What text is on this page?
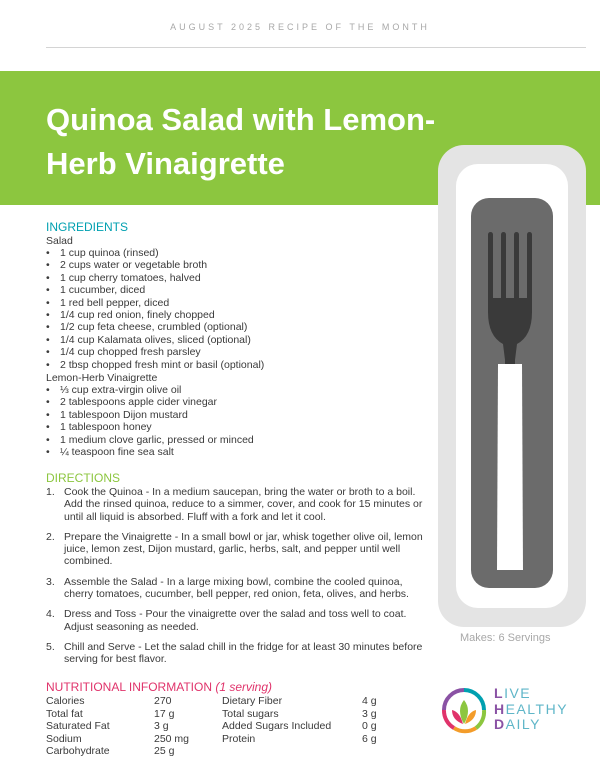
AUGUST 2025 RECIPE OF THE MONTH
Quinoa Salad with Lemon-
Herb Vinaigrette
INGREDIENTS
Salad
• 1 cup quinoa (rinsed)
• 2 cups water or vegetable broth
• 1 cup cherry tomatoes, halved
• 1 cucumber, diced
• 1 red bell pepper, diced
• 1/4 cup red onion, finely chopped
• 1/2 cup feta cheese, crumbled (optional)
• 1/4 cup Kalamata olives, sliced (optional)
• 1/4 cup chopped fresh parsley
• 2 tbsp chopped fresh mint or basil (optional)
Lemon-Herb Vinaigrette
• ⅓ cup extra-virgin olive oil
• 2 tablespoons apple cider vinegar
• 1 tablespoon Dijon mustard
• 1 tablespoon honey
• 1 medium clove garlic, pressed or minced
• ¼ teaspoon fine sea salt
DIRECTIONS
1. Cook the Quinoa - In a medium saucepan, bring the water or broth to a boil. Add the rinsed quinoa, reduce to a simmer, cover, and cook for 15 minutes or until all liquid is absorbed. Fluff with a fork and let it cool.
2. Prepare the Vinaigrette - In a small bowl or jar, whisk together olive oil, lemon juice, lemon zest, Dijon mustard, garlic, herbs, salt, and pepper until well combined.
3. Assemble the Salad - In a large mixing bowl, combine the cooled quinoa, cherry tomatoes, cucumber, bell pepper, red onion, feta, olives, and herbs.
4. Dress and Toss - Pour the vinaigrette over the salad and toss well to coat. Adjust seasoning as needed.
5. Chill and Serve - Let the salad chill in the fridge for at least 30 minutes before serving for best flavor.
Makes: 6 Servings
NUTRITIONAL INFORMATION (1 serving)
Calories	270	Dietary Fiber	4 g
Total fat	17 g	Total sugars	3 g
Saturated Fat	3 g	Added Sugars Included	0 g
Sodium	250 mg	Protein	6 g
Carbohydrate	25 g		
LIVE
HEALTHY
DAILY
